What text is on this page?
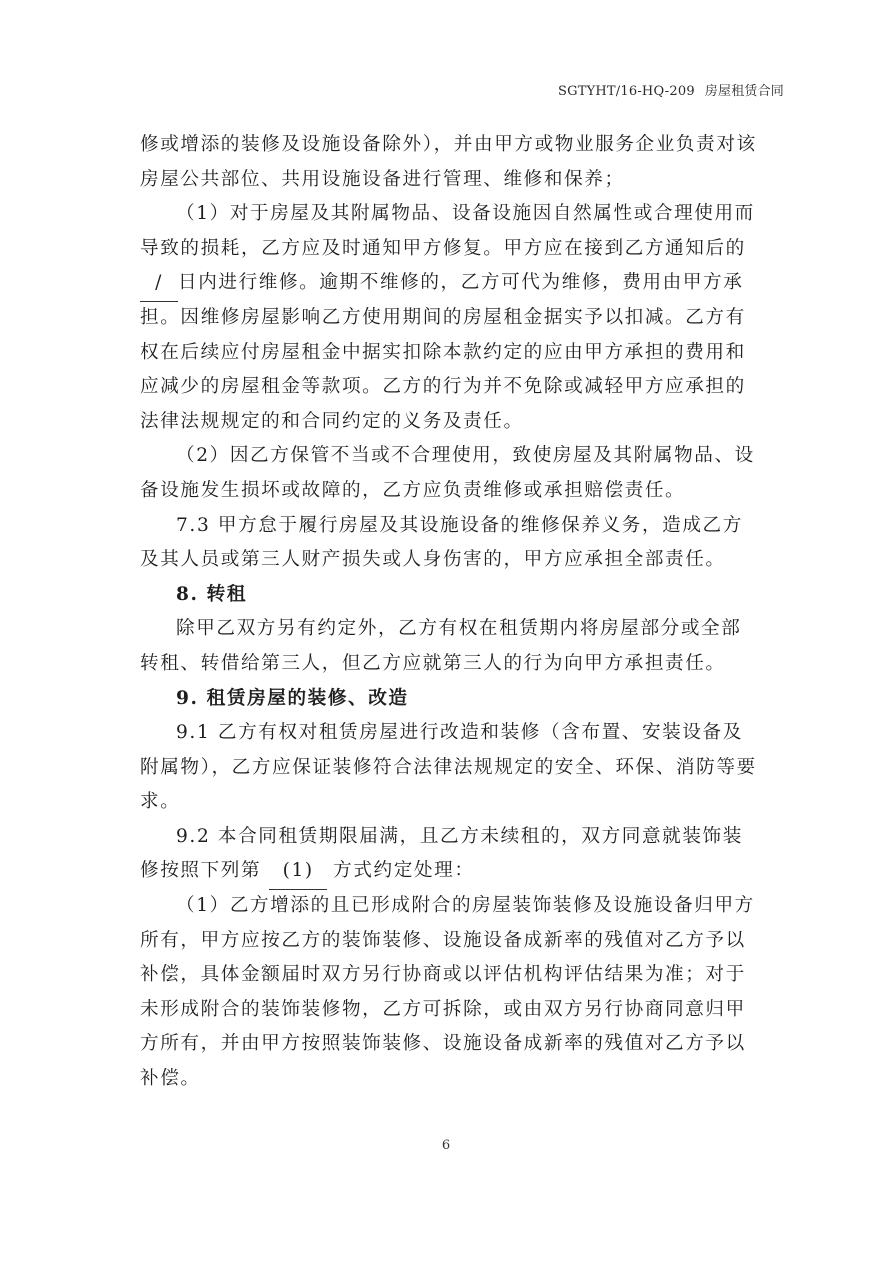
SGTYHT/16-HQ-209 房屋租赁合同
修或增添的装修及设施设备除外），并由甲方或物业服务企业负责对该
房屋公共部位、共用设施设备进行管理、维修和保养；
（1）对于房屋及其附属物品、设备设施因自然属性或合理使用而
导致的损耗，乙方应及时通知甲方修复。甲方应在接到乙方通知后的
/ 日内进行维修。逾期不维修的，乙方可代为维修，费用由甲方承
担。因维修房屋影响乙方使用期间的房屋租金据实予以扣减。乙方有
权在后续应付房屋租金中据实扣除本款约定的应由甲方承担的费用和
应减少的房屋租金等款项。乙方的行为并不免除或减轻甲方应承担的
法律法规规定的和合同约定的义务及责任。
（2）因乙方保管不当或不合理使用，致使房屋及其附属物品、设
备设施发生损坏或故障的，乙方应负责维修或承担赔偿责任。
7.3 甲方怠于履行房屋及其设施设备的维修保养义务，造成乙方
及其人员或第三人财产损失或人身伤害的，甲方应承担全部责任。
8. 转租
除甲乙双方另有约定外，乙方有权在租赁期内将房屋部分或全部
转租、转借给第三人，但乙方应就第三人的行为向甲方承担责任。
9. 租赁房屋的装修、改造
9.1 乙方有权对租赁房屋进行改造和装修（含布置、安装设备及
附属物），乙方应保证装修符合法律法规规定的安全、环保、消防等要
求。
9.2 本合同租赁期限届满，且乙方未续租的，双方同意就装饰装
修按照下列第 (1) 方式约定处理：
（1）乙方增添的且已形成附合的房屋装饰装修及设施设备归甲方
所有，甲方应按乙方的装饰装修、设施设备成新率的残值对乙方予以
补偿，具体金额届时双方另行协商或以评估机构评估结果为准；对于
未形成附合的装饰装修物，乙方可拆除，或由双方另行协商同意归甲
方所有，并由甲方按照装饰装修、设施设备成新率的残值对乙方予以
补偿。
6
